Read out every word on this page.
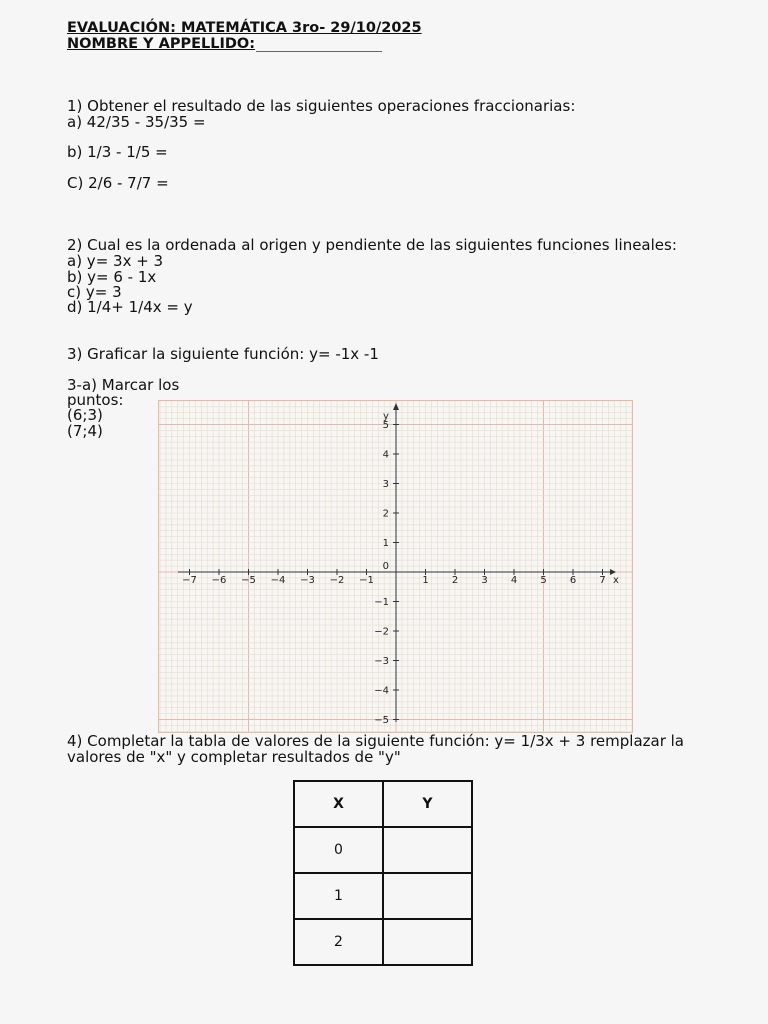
EVALUACIÓN: MATEMÁTICA 3ro- 29/10/2025
NOMBRE Y APPELLIDO:
1) Obtener el resultado de las siguientes operaciones fraccionarias:
a) 42/35 - 35/35 =
b) 1/3 - 1/5 =
C) 2/6 - 7/7 =
2) Cual es la ordenada al origen y pendiente de las siguientes funciones lineales:
a) y= 3x + 3
b) y= 6 - 1x
c) y= 3
d) 1/4+ 1/4x = y
3) Graficar la siguiente función: y= -1x -1
3-a) Marcar los
puntos:
(6;3)
(7;4)
−7 −6 −5 −4 −3 −2 −1	1 2 3 4 5 6 7
5
4
3
2
1
−1
−2
−3
−4
−5
0
x
y
4) Completar la tabla de valores de la siguiente función: y= 1/3x + 3 remplazar la
valores de "x" y completar resultados de "y"
X	Y
0	
1	
2	
